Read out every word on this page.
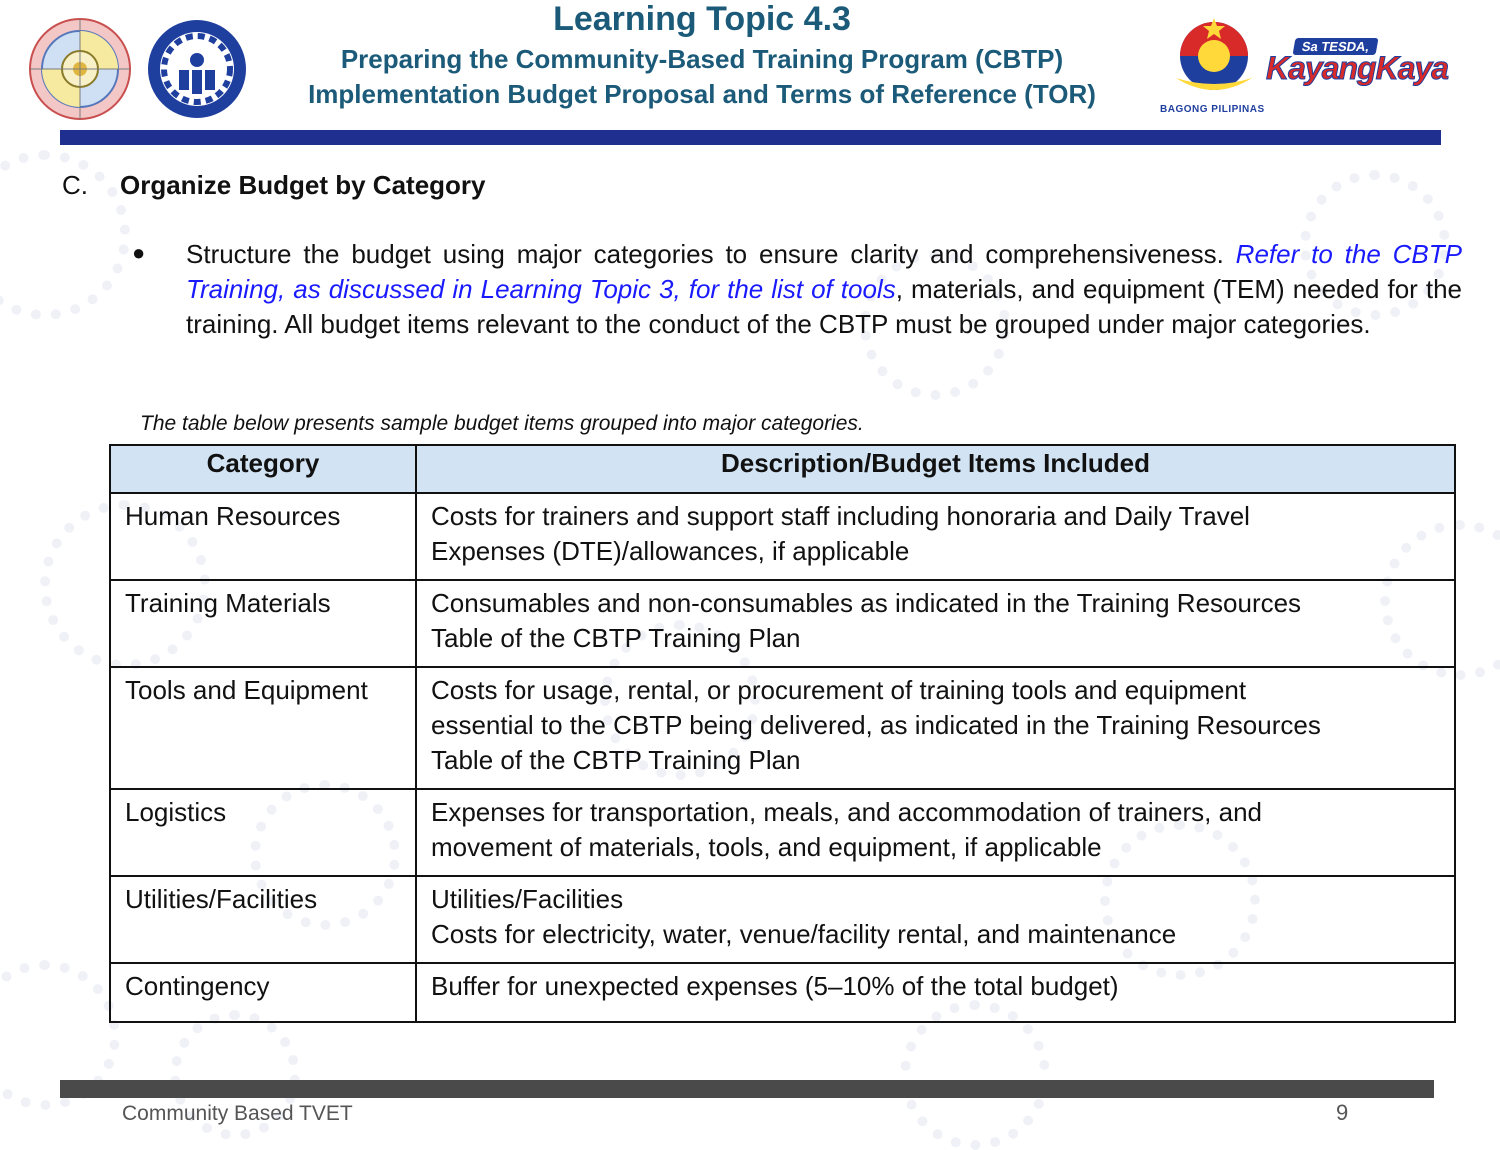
Sa TESDA,
KayangKaya
BAGONG PILIPINAS
Learning Topic 4.3
Preparing the Community-Based Training Program (CBTP)
Implementation Budget Proposal and Terms of Reference (TOR)
C. Organize Budget by Category
● Structure the budget using major categories to ensure clarity and comprehensiveness. Refer to the CBTP Training, as discussed in Learning Topic 3, for the list of tools, materials, and equipment (TEM) needed for the training. All budget items relevant to the conduct of the CBTP must be grouped under major categories.

The table below presents sample budget items grouped into major categories.
Category	Description/Budget Items Included
Human Resources	Costs for trainers and support staff including honoraria and Daily Travel
Expenses (DTE)/allowances, if applicable

Training Materials	Consumables and non-consumables as indicated in the Training Resources
Table of the CBTP Training Plan

Tools and Equipment	Costs for usage, rental, or procurement of training tools and equipment
essential to the CBTP being delivered, as indicated in the Training Resources
Table of the CBTP Training Plan

Logistics	Expenses for transportation, meals, and accommodation of trainers, and
movement of materials, tools, and equipment, if applicable

Utilities/Facilities	Utilities/Facilities
Costs for electricity, water, venue/facility rental, and maintenance

Contingency	Buffer for unexpected expenses (5–10% of the total budget)
Community Based TVET	9
